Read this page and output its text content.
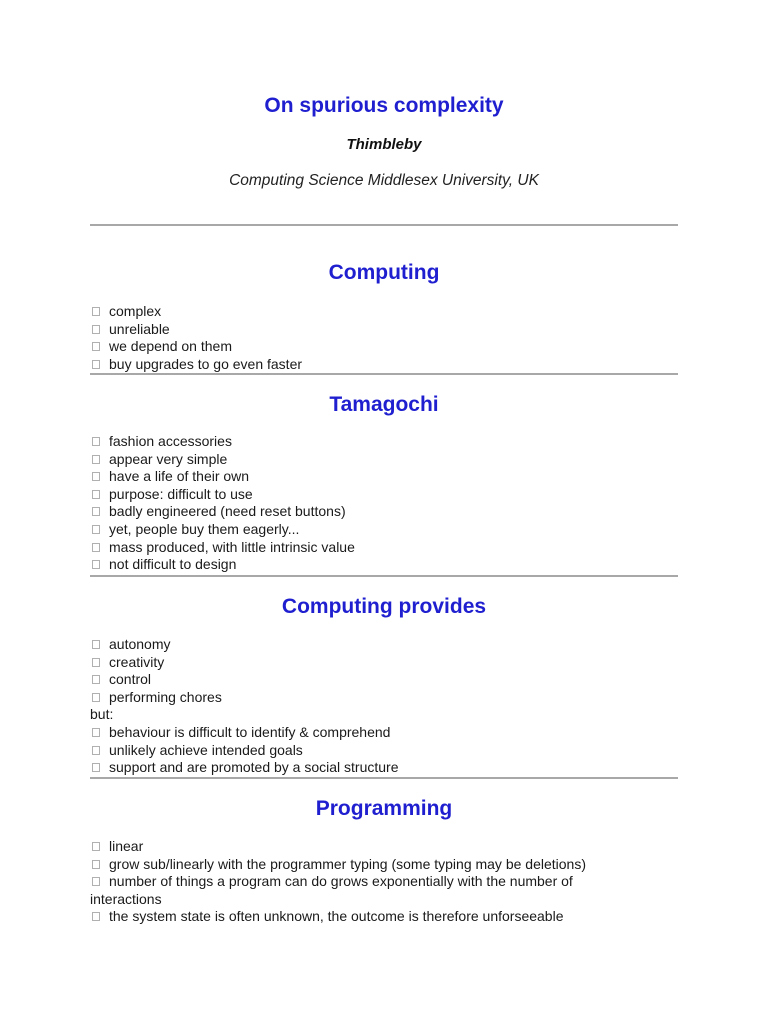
On spurious complexity
Thimbleby
Computing Science Middlesex University, UK
Computing
complex
unreliable
we depend on them
buy upgrades to go even faster
Tamagochi
fashion accessories
appear very simple
have a life of their own
purpose: difficult to use
badly engineered (need reset buttons)
yet, people buy them eagerly...
mass produced, with little intrinsic value
not difficult to design
Computing provides
autonomy
creativity
control
performing chores
but:
behaviour is difficult to identify & comprehend
unlikely achieve intended goals
support and are promoted by a social structure
Programming
linear
grow sub/linearly with the programmer typing (some typing may be deletions)
number of things a program can do grows exponentially with the number of
interactions
the system state is often unknown, the outcome is therefore unforseeable
